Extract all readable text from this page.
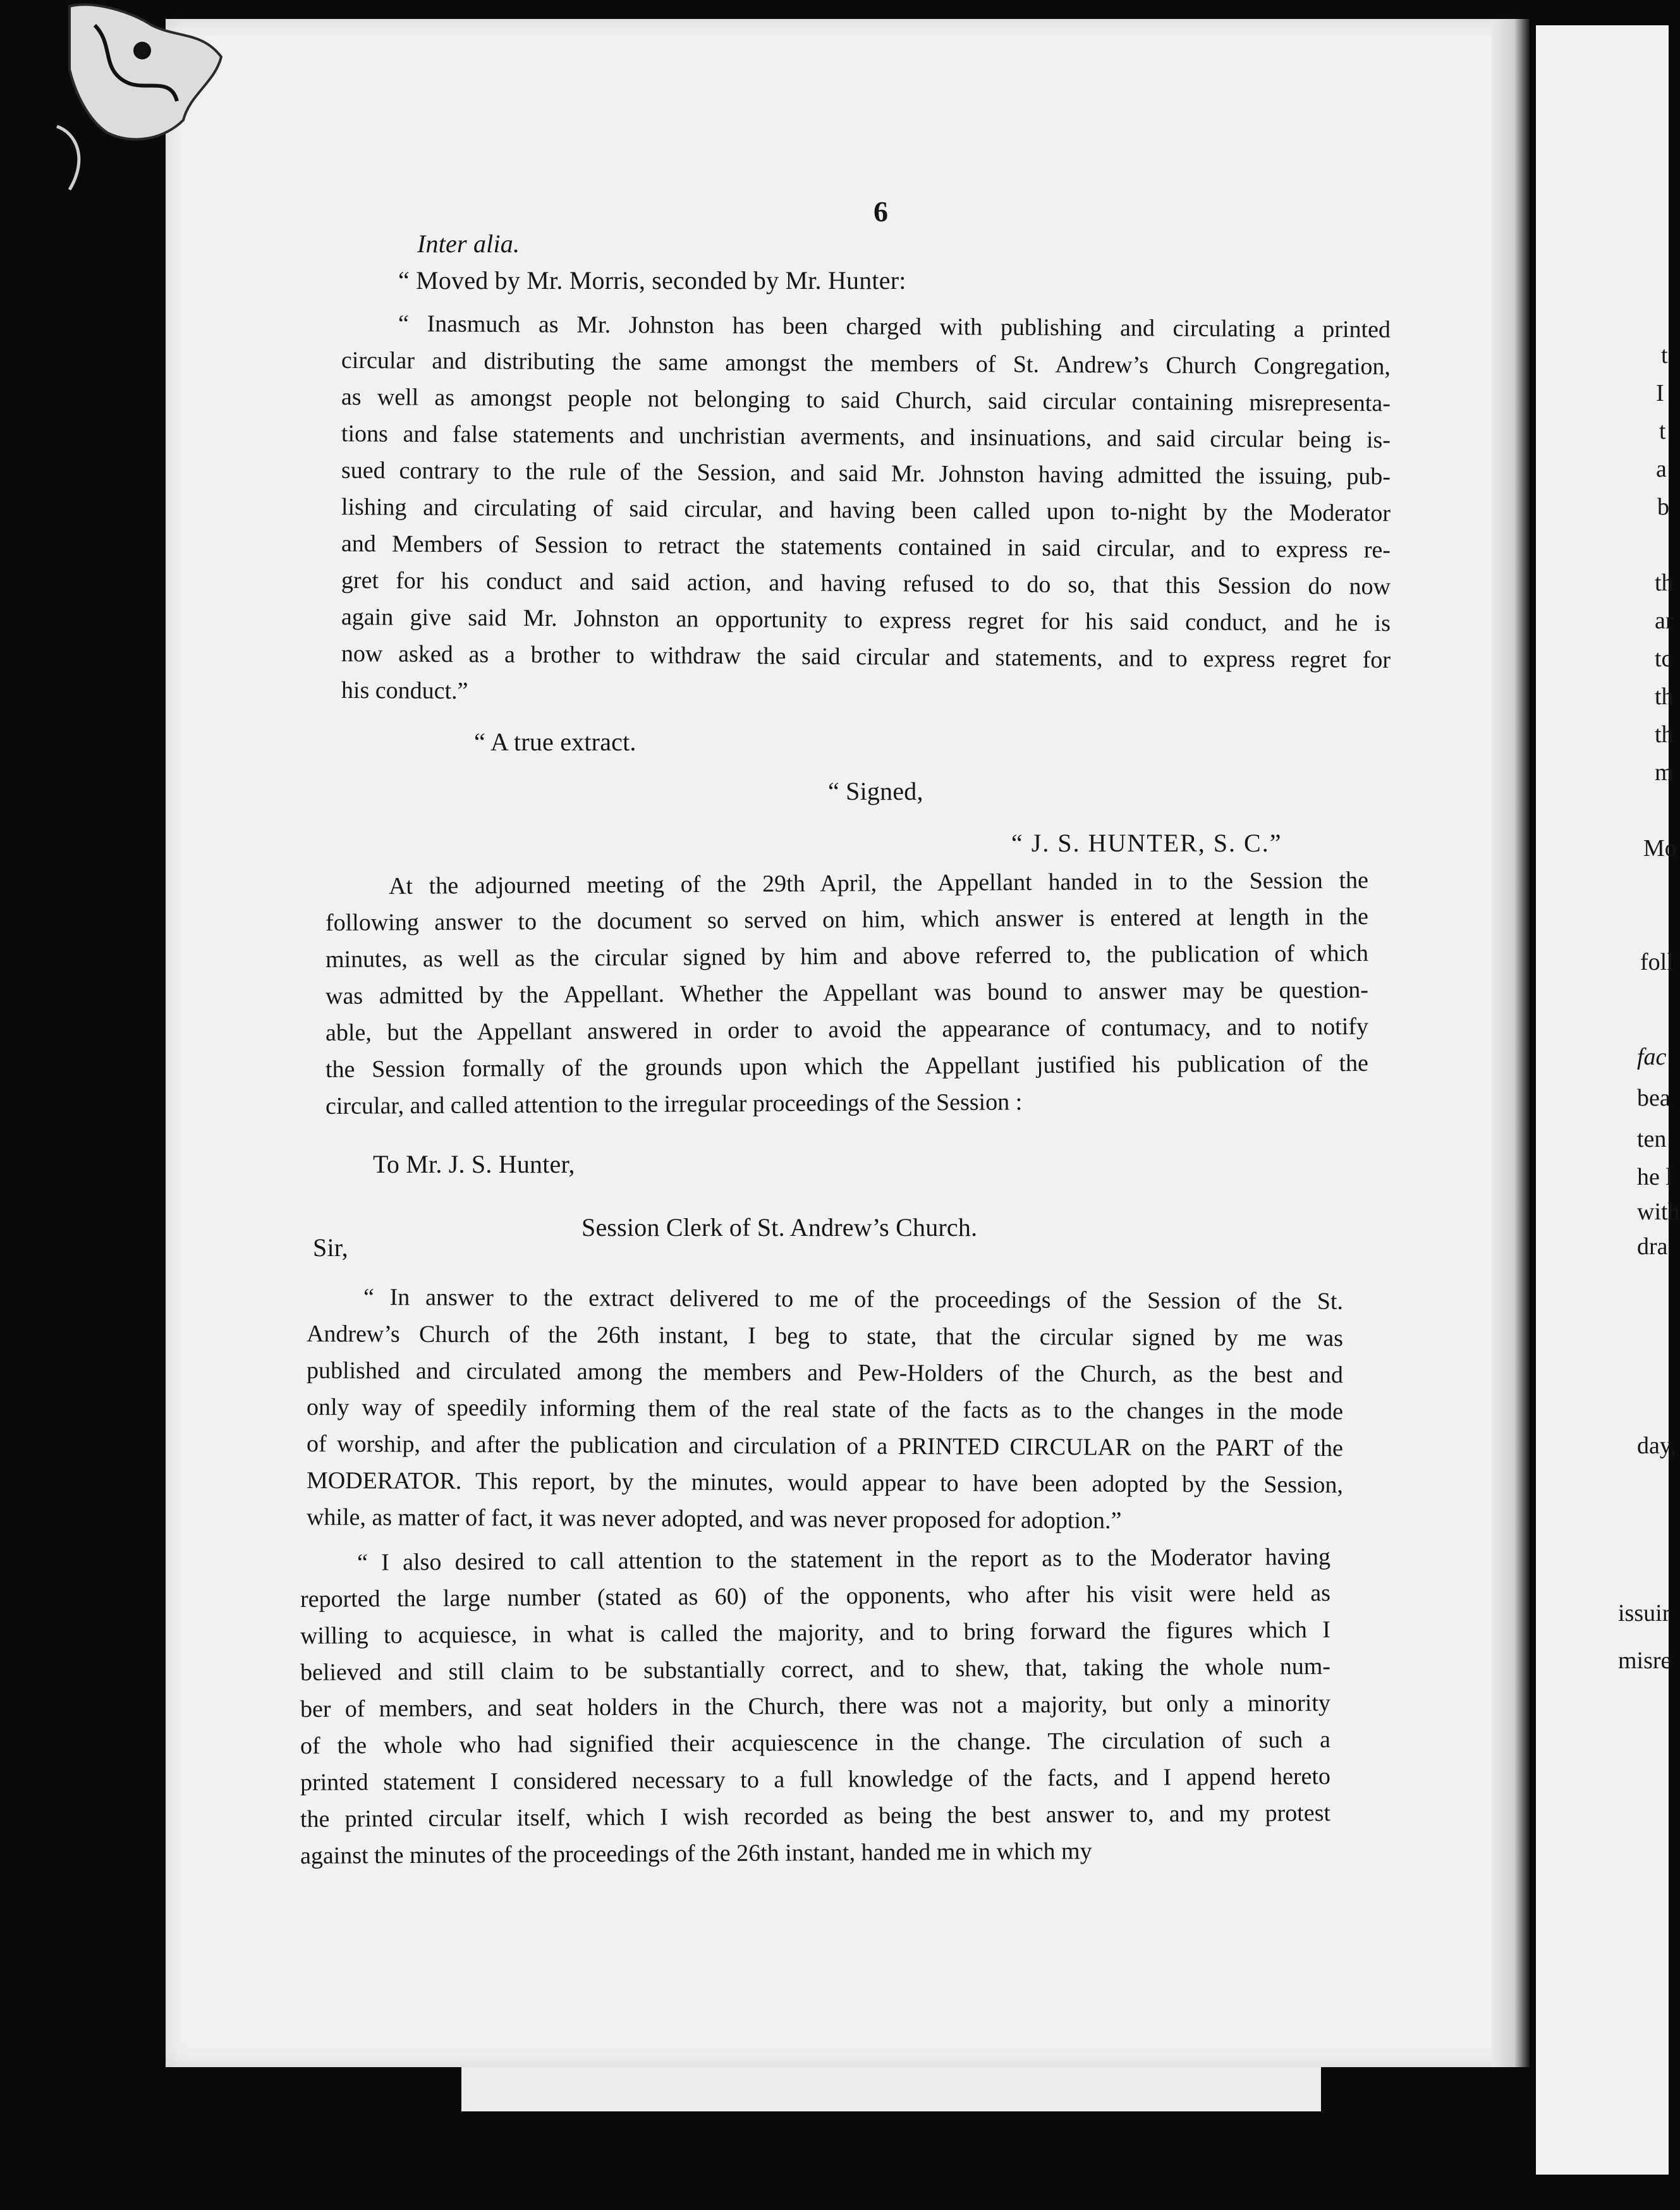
6
Inter alia.
“ Moved by Mr. Morris, seconded by Mr. Hunter:
“ Inasmuch as Mr. Johnston has been charged with publishing and circulating a printed
circular and distributing the same amongst the members of St. Andrew’s Church Congregation,
as well as amongst people not belonging to said Church, said circular containing misrepresenta-
tions and false statements and unchristian averments, and insinuations, and said circular being is-
sued contrary to the rule of the Session, and said Mr. Johnston having admitted the issuing, pub-
lishing and circulating of said circular, and having been called upon to-night by the Moderator
and Members of Session to retract the statements contained in said circular, and to express re-
gret for his conduct and said action, and having refused to do so, that this Session do now
again give said Mr. Johnston an opportunity to express regret for his said conduct, and he is
now asked as a brother to withdraw the said circular and statements, and to express regret for
his conduct.”
“ A true extract.
“ Signed,
“ J. S. HUNTER, S. C.”
At the adjourned meeting of the 29th April, the Appellant handed in to the Session the
following answer to the document so served on him, which answer is entered at length in the
minutes, as well as the circular signed by him and above referred to, the publication of which
was admitted by the Appellant. Whether the Appellant was bound to answer may be question-
able, but the Appellant answered in order to avoid the appearance of contumacy, and to notify
the Session formally of the grounds upon which the Appellant justified his publication of the
circular, and called attention to the irregular proceedings of the Session :
To Mr. J. S. Hunter,
Session Clerk of St. Andrew’s Church.
Sir,
“ In answer to the extract delivered to me of the proceedings of the Session of the St.
Andrew’s Church of the 26th instant, I beg to state, that the circular signed by me was
published and circulated among the members and Pew-Holders of the Church, as the best and
only way of speedily informing them of the real state of the facts as to the changes in the mode
of worship, and after the publication and circulation of a PRINTED CIRCULAR on the PART of the
MODERATOR. This report, by the minutes, would appear to have been adopted by the Session,
while, as matter of fact, it was never adopted, and was never proposed for adoption.”
“ I also desired to call attention to the statement in the report as to the Moderator having
reported the large number (stated as 60) of the opponents, who after his visit were held as
willing to acquiesce, in what is called the majority, and to bring forward the figures which I
believed and still claim to be substantially correct, and to shew, that, taking the whole num-
ber of members, and seat holders in the Church, there was not a majority, but only a minority
of the whole who had signified their acquiescence in the change. The circulation of such a
printed statement I considered necessary to a full knowledge of the facts, and I append hereto
the printed circular itself, which I wish recorded as being the best answer to, and my protest
against the minutes of the proceedings of the 26th instant, handed me in which my
t
I
t
a
b
th
ar
tc
th
th
m
Mo
foll
fac
bea
ten
he l
with
dra
day,
issuir
misre
